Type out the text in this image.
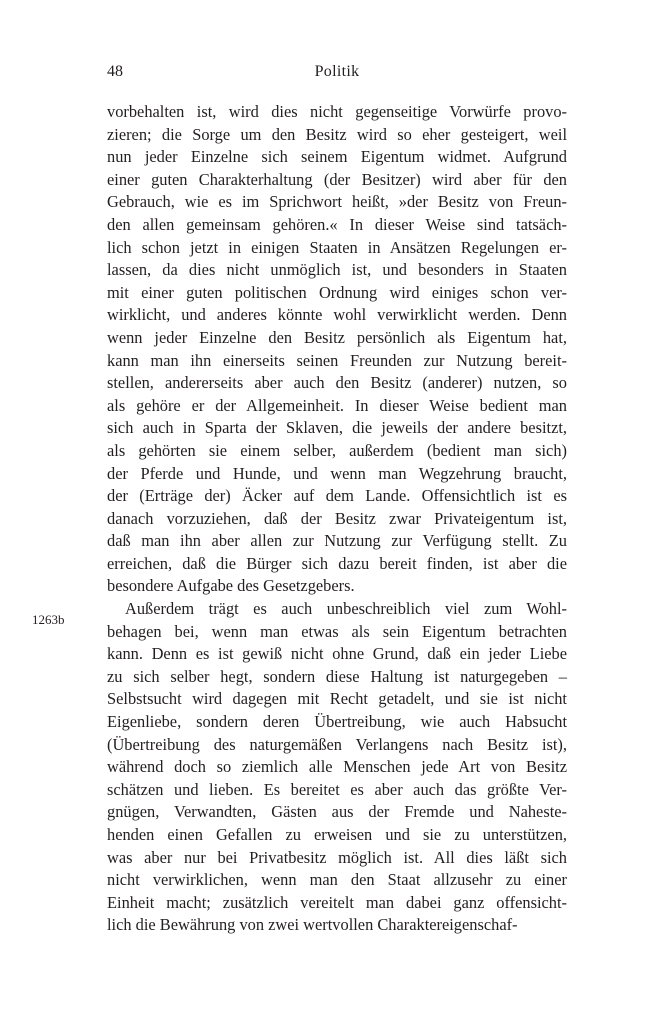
48	Politik
1263b
vorbehalten ist, wird dies nicht gegenseitige Vorwürfe provo-
zieren; die Sorge um den Besitz wird so eher gesteigert, weil
nun jeder Einzelne sich seinem Eigentum widmet. Aufgrund
einer guten Charakterhaltung (der Besitzer) wird aber für den
Gebrauch, wie es im Sprichwort heißt, »der Besitz von Freun-
den allen gemeinsam gehören.« In dieser Weise sind tatsäch-
lich schon jetzt in einigen Staaten in Ansätzen Regelungen er-
lassen, da dies nicht unmöglich ist, und besonders in Staaten
mit einer guten politischen Ordnung wird einiges schon ver-
wirklicht, und anderes könnte wohl verwirklicht werden. Denn
wenn jeder Einzelne den Besitz persönlich als Eigentum hat,
kann man ihn einerseits seinen Freunden zur Nutzung bereit-
stellen, andererseits aber auch den Besitz (anderer) nutzen, so
als gehöre er der Allgemeinheit. In dieser Weise bedient man
sich auch in Sparta der Sklaven, die jeweils der andere besitzt,
als gehörten sie einem selber, außerdem (bedient man sich)
der Pferde und Hunde, und wenn man Wegzehrung braucht,
der (Erträge der) Äcker auf dem Lande. Offensichtlich ist es
danach vorzuziehen, daß der Besitz zwar Privateigentum ist,
daß man ihn aber allen zur Nutzung zur Verfügung stellt. Zu
erreichen, daß die Bürger sich dazu bereit finden, ist aber die
besondere Aufgabe des Gesetzgebers.
Außerdem trägt es auch unbeschreiblich viel zum Wohl-
behagen bei, wenn man etwas als sein Eigentum betrachten
kann. Denn es ist gewiß nicht ohne Grund, daß ein jeder Liebe
zu sich selber hegt, sondern diese Haltung ist naturgegeben –
Selbstsucht wird dagegen mit Recht getadelt, und sie ist nicht
Eigenliebe, sondern deren Übertreibung, wie auch Habsucht
(Übertreibung des naturgemäßen Verlangens nach Besitz ist),
während doch so ziemlich alle Menschen jede Art von Besitz
schätzen und lieben. Es bereitet es aber auch das größte Ver-
gnügen, Verwandten, Gästen aus der Fremde und Naheste-
henden einen Gefallen zu erweisen und sie zu unterstützen,
was aber nur bei Privatbesitz möglich ist. All dies läßt sich
nicht verwirklichen, wenn man den Staat allzusehr zu einer
Einheit macht; zusätzlich vereitelt man dabei ganz offensicht-
lich die Bewährung von zwei wertvollen Charaktereigenschaf-
